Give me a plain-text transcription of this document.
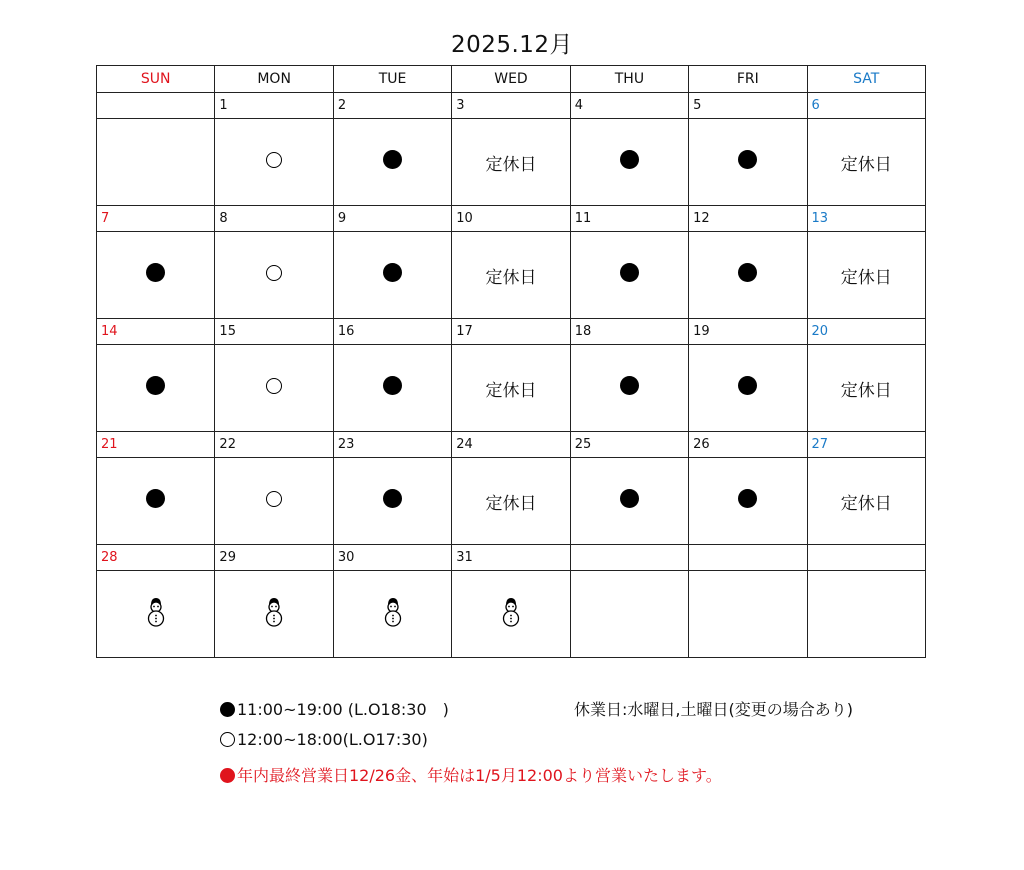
2025.12月
SUN	MON	TUE	WED	THU	FRI	SAT
	1	2	3	4	5	6
			定休日			定休日
7	8	9	10	11	12	13
			定休日			定休日
14	15	16	17	18	19	20
			定休日			定休日
21	22	23	24	25	26	27
			定休日			定休日
28	29	30	31			

11:00~19:00 (L.O18:30　)	休業日:水曜日,土曜日(変更の場合あり)
12:00~18:00(L.O17:30)
年内最終営業日12/26金、年始は1/5月12:00より営業いたします。
